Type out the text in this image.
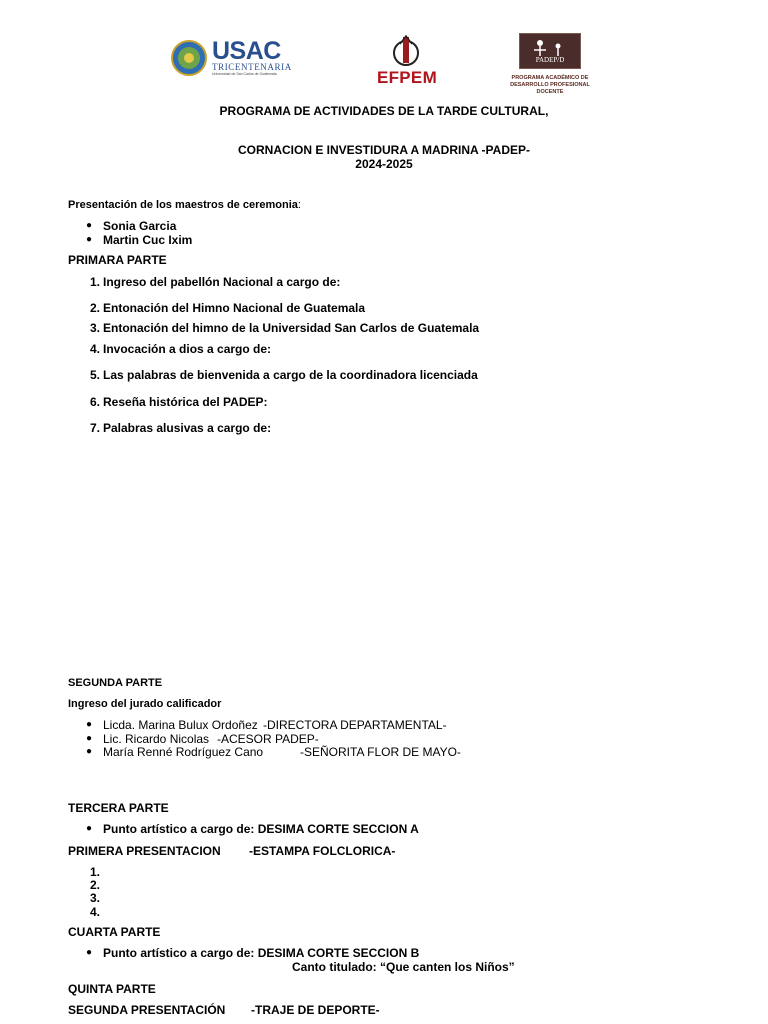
USAC
TRICENTENARIA
Universidad de San Carlos de Guatemala	EFPEM
PADEP/D
PROGRAMA ACADÉMICO DE
DESARROLLO PROFESIONAL DOCENTE
PROGRAMA DE ACTIVIDADES DE LA TARDE CULTURAL,
CORNACION E INVESTIDURA A MADRINA -PADEP-
2024-2025
Presentación de los maestros de ceremonia:
● Sonia Garcia
● Martin Cuc Ixim
PRIMARA PARTE
1. Ingreso del pabellón Nacional a cargo de:
2. Entonación del Himno Nacional de Guatemala
3. Entonación del himno de la Universidad San Carlos de Guatemala
4. Invocación a dios a cargo de:
5. Las palabras de bienvenida a cargo de la coordinadora licenciada
6. Reseña histórica del PADEP:
7. Palabras alusivas a cargo de:
SEGUNDA PARTE
Ingreso del jurado calificador
● Licda. Marina Bulux Ordoñez -DIRECTORA DEPARTAMENTAL-
● Lic. Ricardo Nicolas -ACESOR PADEP-
● María Renné Rodríguez Cano	-SEÑORITA FLOR DE MAYO-
TERCERA PARTE
● Punto artístico a cargo de: DESIMA CORTE SECCION A
PRIMERA PRESENTACION -ESTAMPA FOLCLORICA-
1.
2.
3.
4.
CUARTA PARTE
● Punto artístico a cargo de: DESIMA CORTE SECCION B
Canto titulado: “Que canten los Niños”
QUINTA PARTE
SEGUNDA PRESENTACIÓN -TRAJE DE DEPORTE-
